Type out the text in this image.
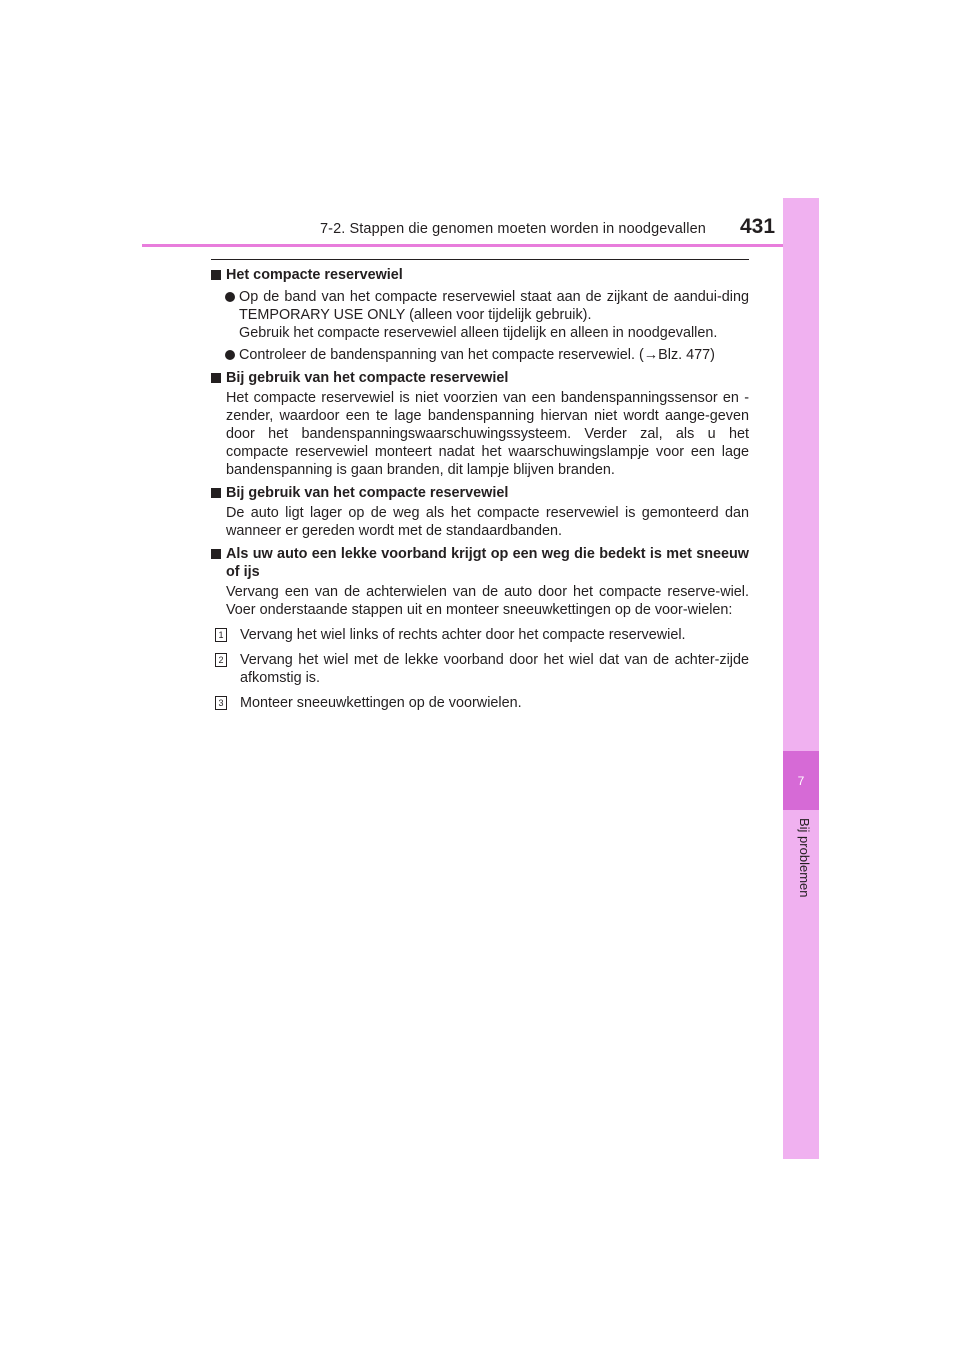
7-2. Stappen die genomen moeten worden in noodgevallen 431
7
Bij problemen
Het compacte reservewiel
Op de band van het compacte reservewiel staat aan de zijkant de aandui-ding TEMPORARY USE ONLY (alleen voor tijdelijk gebruik).
Gebruik het compacte reservewiel alleen tijdelijk en alleen in noodgevallen.
Controleer de bandenspanning van het compacte reservewiel. (→Blz. 477)
Bij gebruik van het compacte reservewiel
Het compacte reservewiel is niet voorzien van een bandenspanningssensor en -zender, waardoor een te lage bandenspanning hiervan niet wordt aange-geven door het bandenspanningswaarschuwingssysteem. Verder zal, als u het compacte reservewiel monteert nadat het waarschuwingslampje voor een lage bandenspanning is gaan branden, dit lampje blijven branden.
Bij gebruik van het compacte reservewiel
De auto ligt lager op de weg als het compacte reservewiel is gemonteerd dan wanneer er gereden wordt met de standaardbanden.
Als uw auto een lekke voorband krijgt op een weg die bedekt is met sneeuw of ijs
Vervang een van de achterwielen van de auto door het compacte reserve-wiel. Voer onderstaande stappen uit en monteer sneeuwkettingen op de voor-wielen:
1 Vervang het wiel links of rechts achter door het compacte reservewiel.
2 Vervang het wiel met de lekke voorband door het wiel dat van de achter-zijde afkomstig is.
3 Monteer sneeuwkettingen op de voorwielen.
